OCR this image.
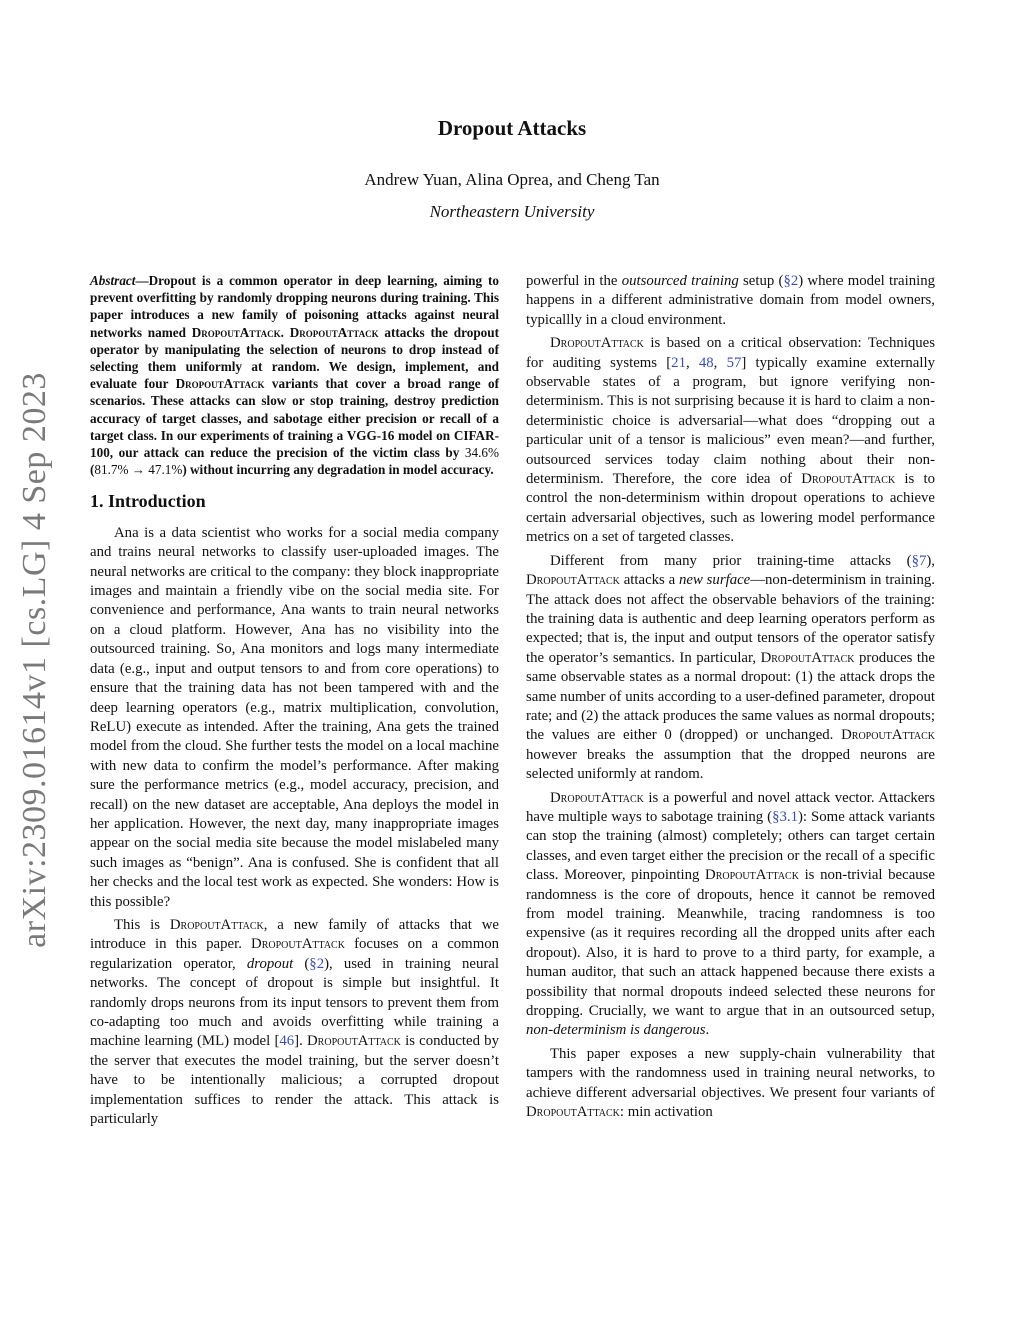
arXiv:2309.01614v1 [cs.LG] 4 Sep 2023
Dropout Attacks
Andrew Yuan, Alina Oprea, and Cheng Tan
Northeastern University
Abstract—Dropout is a common operator in deep learning, aiming to prevent overfitting by randomly dropping neurons during training. This paper introduces a new family of poisoning attacks against neural networks named DropoutAttack. DropoutAttack attacks the dropout operator by manipulating the selection of neurons to drop instead of selecting them uniformly at random. We design, implement, and evaluate four DropoutAttack variants that cover a broad range of scenarios. These attacks can slow or stop training, destroy prediction accuracy of target classes, and sabotage either precision or recall of a target class. In our experiments of training a VGG-16 model on CIFAR-100, our attack can reduce the precision of the victim class by 34.6% (81.7% → 47.1%) without incurring any degradation in model accuracy.
1. Introduction

Ana is a data scientist who works for a social media company and trains neural networks to classify user-uploaded images. The neural networks are critical to the company: they block inappropriate images and maintain a friendly vibe on the social media site. For convenience and performance, Ana wants to train neural networks on a cloud platform. However, Ana has no visibility into the outsourced training. So, Ana monitors and logs many intermediate data (e.g., input and output tensors to and from core operations) to ensure that the training data has not been tampered with and the deep learning operators (e.g., matrix multiplication, convolution, ReLU) execute as intended. After the training, Ana gets the trained model from the cloud. She further tests the model on a local machine with new data to confirm the model’s performance. After making sure the performance metrics (e.g., model accuracy, precision, and recall) on the new dataset are acceptable, Ana deploys the model in her application. However, the next day, many inappropriate images appear on the social media site because the model mislabeled many such images as “benign”. Ana is confused. She is confident that all her checks and the local test work as expected. She wonders: How is this possible?

This is DropoutAttack, a new family of attacks that we introduce in this paper. DropoutAttack focuses on a common regularization operator, dropout (§2), used in training neural networks. The concept of dropout is simple but insightful. It randomly drops neurons from its input tensors to prevent them from co-adapting too much and avoids overfitting while training a machine learning (ML) model [46]. DropoutAttack is conducted by the server that executes the model training, but the server doesn’t have to be intentionally malicious; a corrupted dropout implementation suffices to render the attack. This attack is particularly

powerful in the outsourced training setup (§2) where model training happens in a different administrative domain from model owners, typicallly in a cloud environment.

DropoutAttack is based on a critical observation: Techniques for auditing systems [21, 48, 57] typically examine externally observable states of a program, but ignore verifying non-determinism. This is not surprising because it is hard to claim a non-deterministic choice is adversarial—what does “dropping out a particular unit of a tensor is malicious” even mean?—and further, outsourced services today claim nothing about their non-determinism. Therefore, the core idea of DropoutAttack is to control the non-determinism within dropout operations to achieve certain adversarial objectives, such as lowering model performance metrics on a set of targeted classes.

Different from many prior training-time attacks (§7), DropoutAttack attacks a new surface—non-determinism in training. The attack does not affect the observable behaviors of the training: the training data is authentic and deep learning operators perform as expected; that is, the input and output tensors of the operator satisfy the operator’s semantics. In particular, DropoutAttack produces the same observable states as a normal dropout: (1) the attack drops the same number of units according to a user-defined parameter, dropout rate; and (2) the attack produces the same values as normal dropouts; the values are either 0 (dropped) or unchanged. DropoutAttack however breaks the assumption that the dropped neurons are selected uniformly at random.

DropoutAttack is a powerful and novel attack vector. Attackers have multiple ways to sabotage training (§3.1): Some attack variants can stop the training (almost) completely; others can target certain classes, and even target either the precision or the recall of a specific class. Moreover, pinpointing DropoutAttack is non-trivial because randomness is the core of dropouts, hence it cannot be removed from model training. Meanwhile, tracing randomness is too expensive (as it requires recording all the dropped units after each dropout). Also, it is hard to prove to a third party, for example, a human auditor, that such an attack happened because there exists a possibility that normal dropouts indeed selected these neurons for dropping. Crucially, we want to argue that in an outsourced setup, non-determinism is dangerous.

This paper exposes a new supply-chain vulnerability that tampers with the randomness used in training neural networks, to achieve different adversarial objectives. We present four variants of DropoutAttack: min activation
